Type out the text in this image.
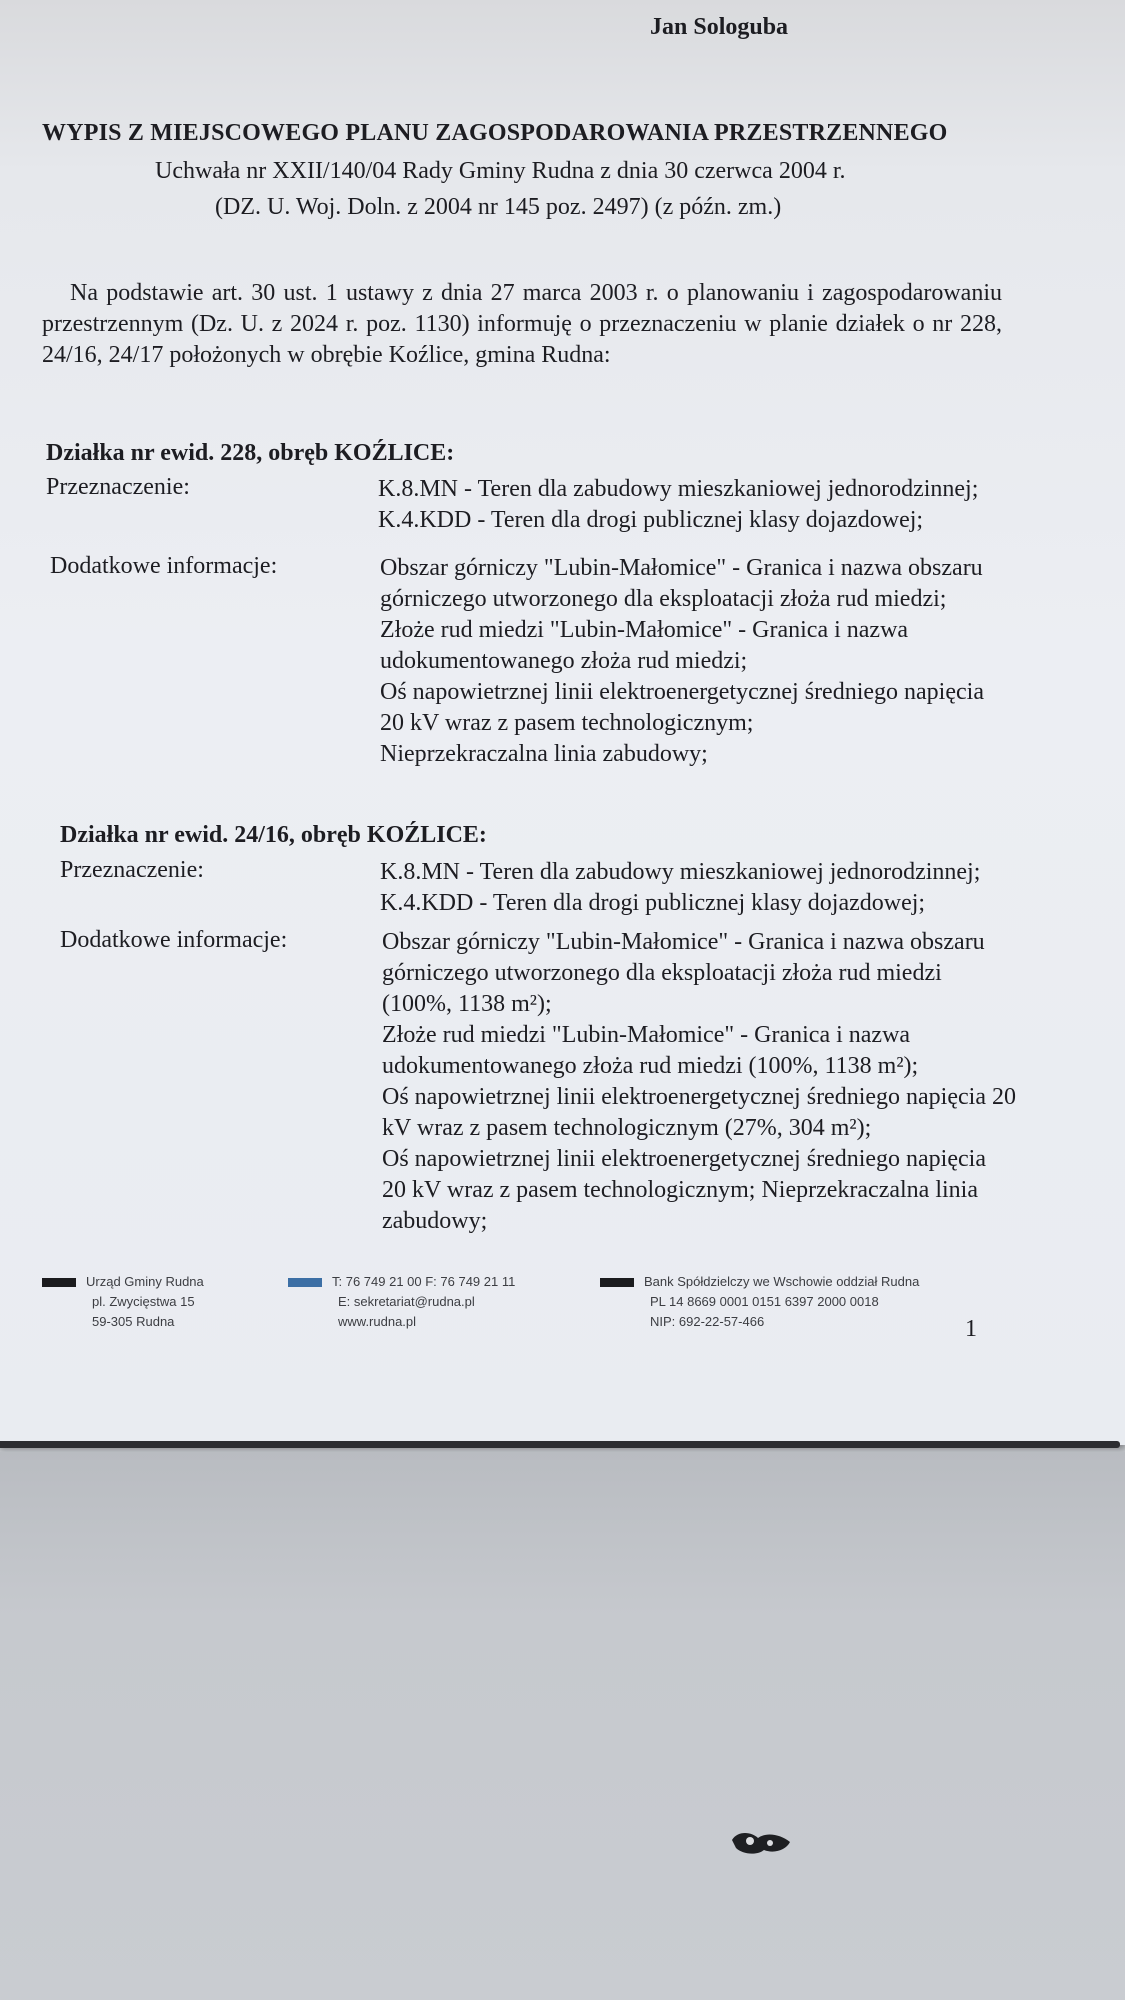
Jan Sologuba
WYPIS Z MIEJSCOWEGO PLANU ZAGOSPODAROWANIA PRZESTRZENNEGO
Uchwała nr XXII/140/04 Rady Gminy Rudna z dnia 30 czerwca 2004 r.
(DZ. U. Woj. Doln. z 2004 nr 145 poz. 2497) (z późn. zm.)
Na podstawie art. 30 ust. 1 ustawy z dnia 27 marca 2003 r. o planowaniu i zagospodarowaniu przestrzennym (Dz. U. z 2024 r. poz. 1130) informuję o przeznaczeniu w planie działek o nr 228, 24/16, 24/17 położonych w obrębie Koźlice, gmina Rudna:
Działka nr ewid. 228, obręb KOŹLICE:
Przeznaczenie:	K.8.MN - Teren dla zabudowy mieszkaniowej jednorodzinnej;
K.4.KDD - Teren dla drogi publicznej klasy dojazdowej;
Dodatkowe informacje:	Obszar górniczy "Lubin-Małomice" - Granica i nazwa obszaru
górniczego utworzonego dla eksploatacji złoża rud miedzi;
Złoże rud miedzi "Lubin-Małomice" - Granica i nazwa
udokumentowanego złoża rud miedzi;
Oś napowietrznej linii elektroenergetycznej średniego napięcia
20 kV wraz z pasem technologicznym;
Nieprzekraczalna linia zabudowy;
Działka nr ewid. 24/16, obręb KOŹLICE:
Przeznaczenie:	K.8.MN - Teren dla zabudowy mieszkaniowej jednorodzinnej;
K.4.KDD - Teren dla drogi publicznej klasy dojazdowej;
Dodatkowe informacje:	Obszar górniczy "Lubin-Małomice" - Granica i nazwa obszaru
górniczego utworzonego dla eksploatacji złoża rud miedzi
(100%, 1138 m²);
Złoże rud miedzi "Lubin-Małomice" - Granica i nazwa
udokumentowanego złoża rud miedzi (100%, 1138 m²);
Oś napowietrznej linii elektroenergetycznej średniego napięcia 20
kV wraz z pasem technologicznym (27%, 304 m²);
Oś napowietrznej linii elektroenergetycznej średniego napięcia
20 kV wraz z pasem technologicznym; Nieprzekraczalna linia
zabudowy;
Urząd Gminy Rudna
pl. Zwycięstwa 15
59-305 Rudna
T: 76 749 21 00 F: 76 749 21 11
E: sekretariat@rudna.pl
www.rudna.pl
Bank Spółdzielczy we Wschowie oddział Rudna
PL 14 8669 0001 0151 6397 2000 0018
NIP: 692-22-57-466	1
